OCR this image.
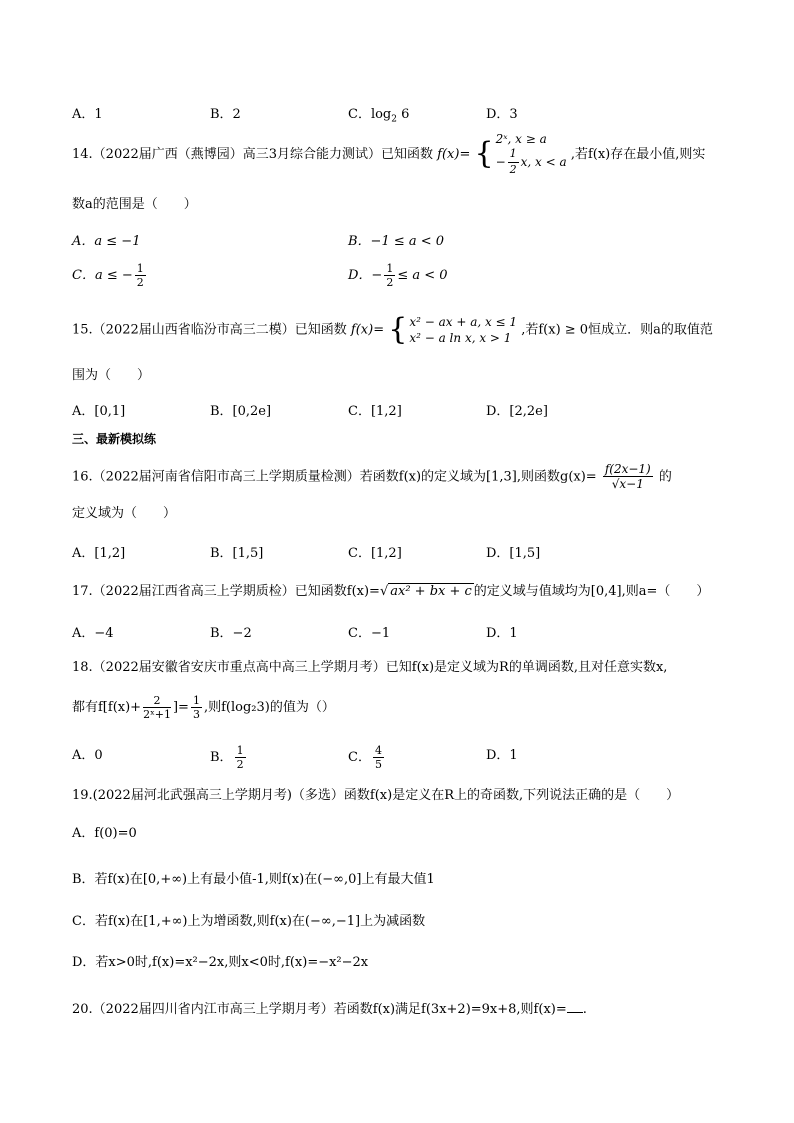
A．1	B．2	C．$\log_2 6$	D．3
14.（2022届广西（燕博园）高三3月综合能力测试）已知函数 f(x)= { 2ˣ, x ≥ a
− $\frac{1}{2} x$, x < a
,若f(x)存在最小值,则实
数a的范围是（　　）
A．a ≤ −1	B．−1 ≤ a < 0
C．a ≤ − $\frac{1}{2}$	D．− $\frac{1}{2} \le a < 0$
15.（2022届山西省临汾市高三二模）已知函数 f(x)= { x² − ax + a, x ≤ 1
x² − a ln x, x > 1
,若f(x) ≥ 0恒成立．则a的取值范
围为（　　）
A．[0,1]	B．[0,2e]	C．[1,2]	D．[2,2e]
三、最新模拟练
16.（2022届河南省信阳市高三上学期质量检测）若函数f(x)的定义域为[1,3],则函数$g(x)= \frac{f(2x-1)}{√x-1}$ 的
定义域为（　　）
A．[1,2]	B．[1,5]	C．[1,2]	D．[1,5]
17.（2022届江西省高三上学期质检）已知函数f(x)=√ ax² + bx + c 的定义域与值域均为[0,4],则a=（　　）
A．−4	B．−2	C．−1	D．1
18.（2022届安徽省安庆市重点高中高三上学期月考）已知f(x)是定义域为R的单调函数,且对任意实数x,
都有$f[f(x)+ \frac{2}{\text{2ˣ+1}}$ ]= $\frac{1}{3}$ ,则f(log₂3)的值为（）
A．0	B． $\frac{1}{2}$	C． $\frac{4}{5}$	D．1
19.(2022届河北武强高三上学期月考)（多选）函数f(x)是定义在R上的奇函数,下列说法正确的是（　　）
A．f(0)=0
B．若f(x)在[0,+∞)上有最小值-1,则f(x)在(−∞,0]上有最大值1
C．若f(x)在[1,+∞)上为增函数,则f(x)在(−∞,−1]上为减函数
D．若x>0时,f(x)=x²−2x,则x<0时,f(x)=−x²−2x
20.（2022届四川省内江市高三上学期月考）若函数f(x)满足f(3x+2)=9x+8,则f(x)= .
